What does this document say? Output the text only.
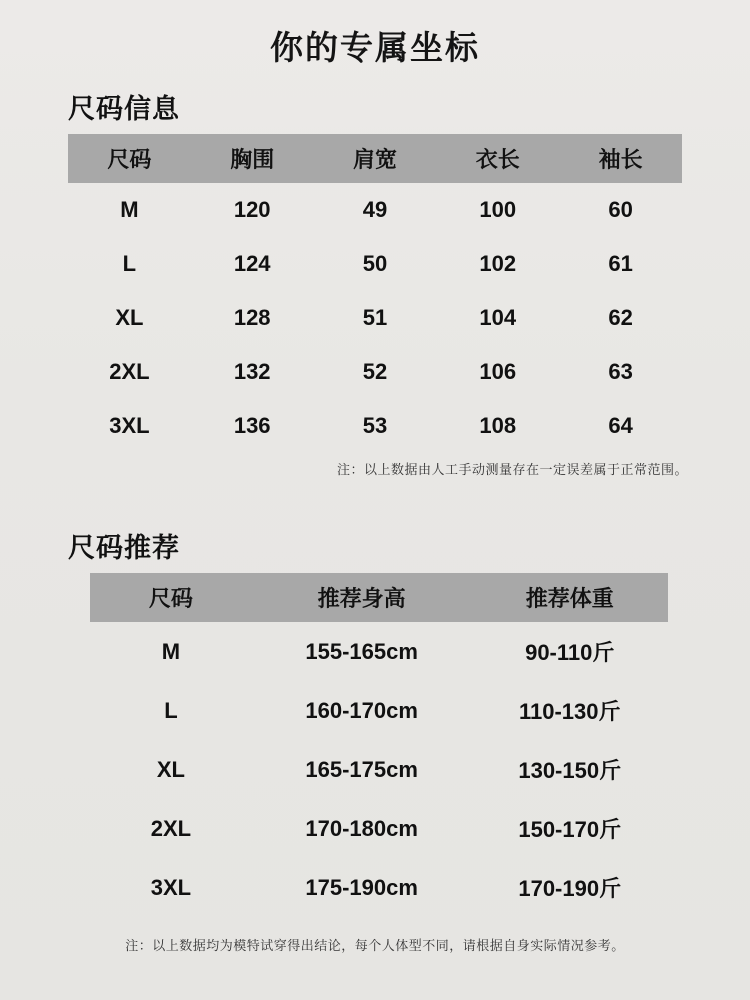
你的专属坐标
尺码信息
尺码	胸围	肩宽	衣长	袖长
M	120	49	100	60
L	124	50	102	61
XL	128	51	104	62
2XL	132	52	106	63
3XL	136	53	108	64
注：以上数据由人工手动测量存在一定误差属于正常范围。
尺码推荐
尺码	推荐身高	推荐体重
M	155-165cm	90-110斤
L	160-170cm	110-130斤
XL	165-175cm	130-150斤
2XL	170-180cm	150-170斤
3XL	175-190cm	170-190斤
注：以上数据均为模特试穿得出结论，每个人体型不同，请根据自身实际情况参考。
